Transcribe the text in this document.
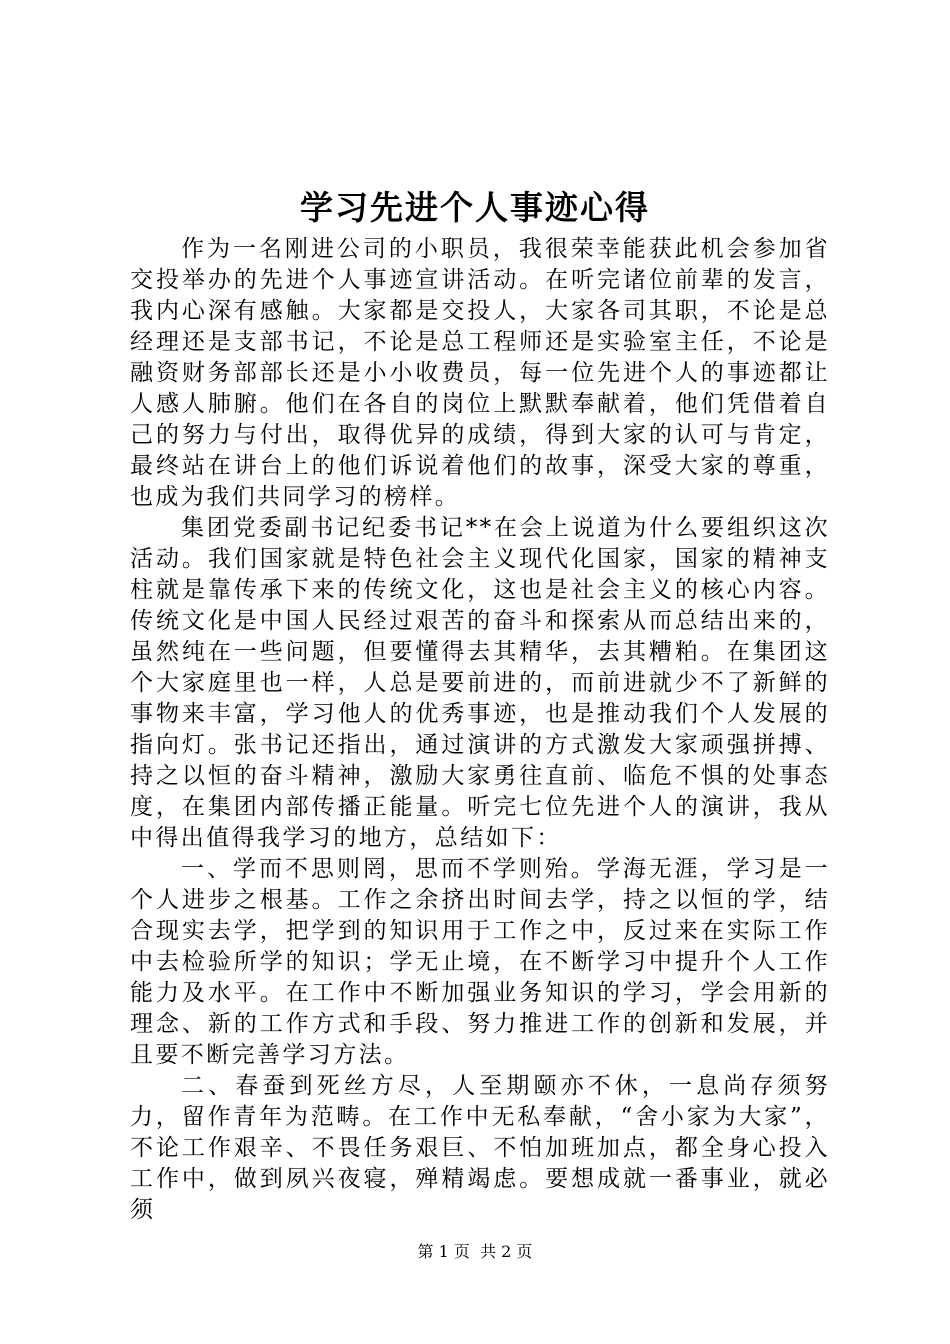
学习先进个人事迹心得

作为一名刚进公司的小职员，我很荣幸能获此机会参加省交投举办的先进个人事迹宣讲活动。在听完诸位前辈的发言，我内心深有感触。大家都是交投人，大家各司其职，不论是总经理还是支部书记，不论是总工程师还是实验室主任，不论是融资财务部部长还是小小收费员，每一位先进个人的事迹都让人感人肺腑。他们在各自的岗位上默默奉献着，他们凭借着自己的努力与付出，取得优异的成绩，得到大家的认可与肯定，最终站在讲台上的他们诉说着他们的故事，深受大家的尊重，也成为我们共同学习的榜样。

集团党委副书记纪委书记**在会上说道为什么要组织这次活动。我们国家就是特色社会主义现代化国家，国家的精神支柱就是靠传承下来的传统文化，这也是社会主义的核心内容。传统文化是中国人民经过艰苦的奋斗和探索从而总结出来的，虽然纯在一些问题，但要懂得去其精华，去其糟粕。在集团这个大家庭里也一样，人总是要前进的，而前进就少不了新鲜的事物来丰富，学习他人的优秀事迹，也是推动我们个人发展的指向灯。张书记还指出，通过演讲的方式激发大家顽强拼搏、持之以恒的奋斗精神，激励大家勇往直前、临危不惧的处事态度，在集团内部传播正能量。听完七位先进个人的演讲，我从中得出值得我学习的地方，总结如下：

一、学而不思则罔，思而不学则殆。学海无涯，学习是一个人进步之根基。工作之余挤出时间去学，持之以恒的学，结合现实去学，把学到的知识用于工作之中，反过来在实际工作中去检验所学的知识；学无止境，在不断学习中提升个人工作能力及水平。在工作中不断加强业务知识的学习，学会用新的理念、新的工作方式和手段、努力推进工作的创新和发展，并且要不断完善学习方法。

二、春蚕到死丝方尽，人至期颐亦不休，一息尚存须努力，留作青年为范畴。在工作中无私奉献，“舍小家为大家”，不论工作艰辛、不畏任务艰巨、不怕加班加点，都全身心投入工作中，做到夙兴夜寝，殚精竭虑。要想成就一番事业，就必须

第 1 页  共 2 页
